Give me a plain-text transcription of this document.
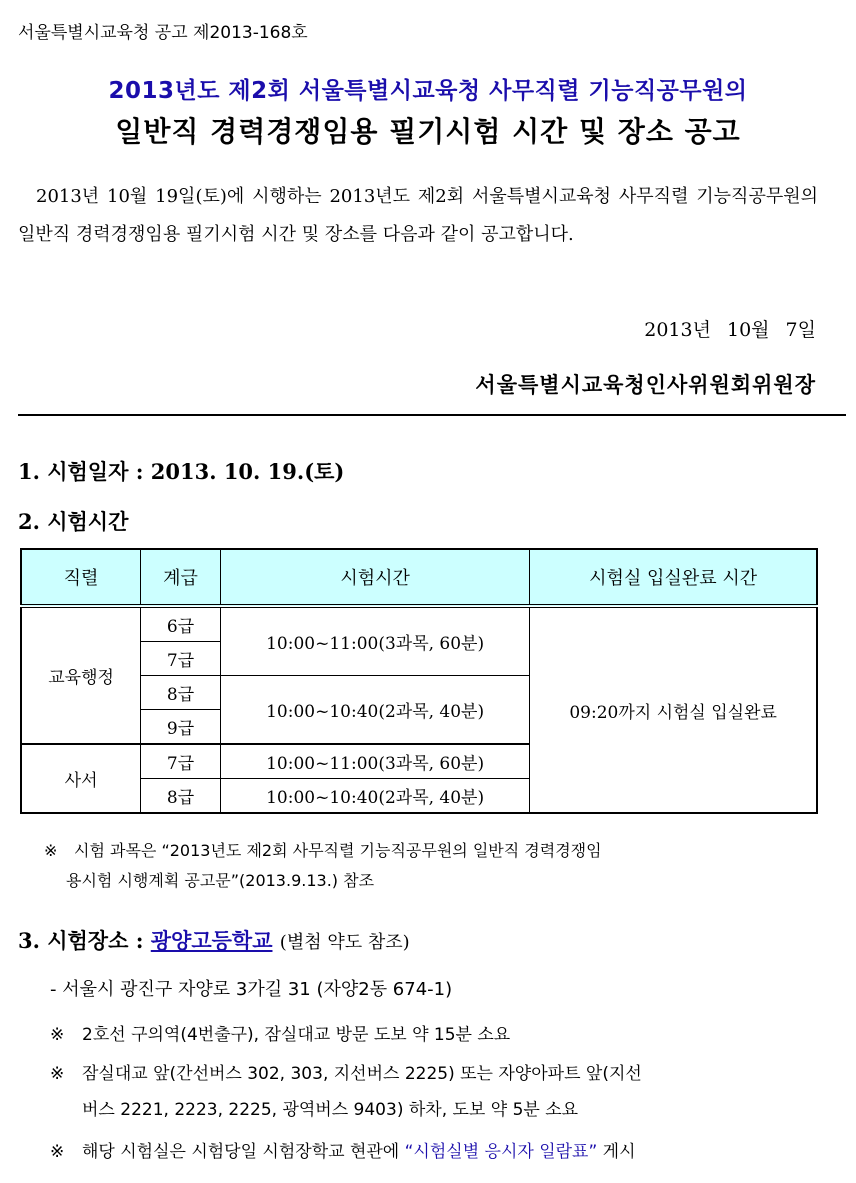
서울특별시교육청 공고 제2013-168호
2013년도 제2회 서울특별시교육청 사무직렬 기능직공무원의
일반직 경력경쟁임용 필기시험 시간 및 장소 공고
2013년 10월 19일(토)에 시행하는 2013년도 제2회 서울특별시교육청 사무직렬 기능직공무원의 일반직 경력경쟁임용 필기시험 시간 및 장소를 다음과 같이 공고합니다.
2013년 10월 7일
서울특별시교육청인사위원회위원장
1. 시험일자 : 2013. 10. 19.(토)
2. 시험시간
직렬	계급	시험시간	시험실 입실완료 시간
교육행정	6급	10:00~11:00(3과목, 60분)	09:20까지 시험실 입실완료
	7급		
	8급	10:00~10:40(2과목, 40분)	
	9급		
사서	7급	10:00~11:00(3과목, 60분)	
	8급	10:00~10:40(2과목, 40분)	
※ 시험 과목은 “2013년도 제2회 사무직렬 기능직공무원의 일반직 경력경쟁임
용시험 시행계획 공고문”(2013.9.13.) 참조
3. 시험장소 : 광양고등학교 (별첨 약도 참조)
- 서울시 광진구 자양로 3가길 31 (자양2동 674-1)
※ 2호선 구의역(4번출구), 잠실대교 방문 도보 약 15분 소요
※ 잠실대교 앞(간선버스 302, 303, 지선버스 2225) 또는 자양아파트 앞(지선
버스 2221, 2223, 2225, 광역버스 9403) 하차, 도보 약 5분 소요
※ 해당 시험실은 시험당일 시험장학교 현관에 “시험실별 응시자 일람표” 게시
